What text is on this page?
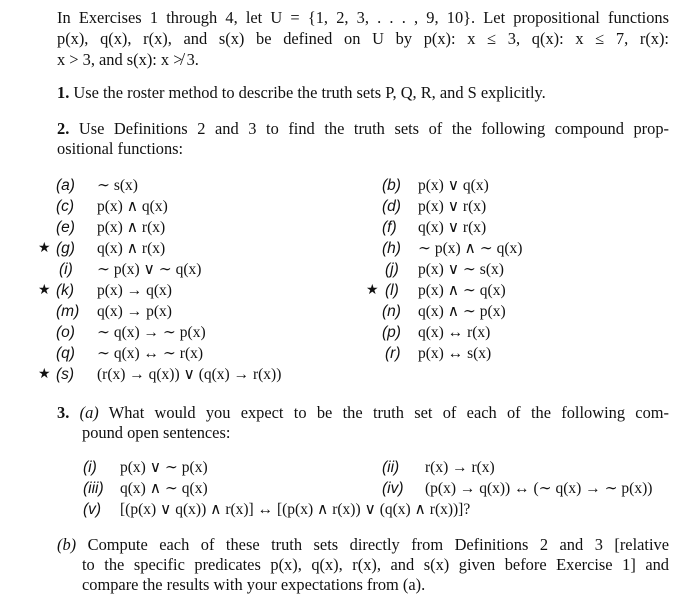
In Exercises 1 through 4, let U = {1, 2, 3, . . . , 9, 10}. Let propositional functions
p(x), q(x), r(x), and s(x) be defined on U by p(x): x ≤ 3, q(x): x ≤ 7, r(x):
x > 3, and s(x): x ≯ 3.
1. Use the roster method to describe the truth sets P, Q, R, and S explicitly.
2. Use Definitions 2 and 3 to find the truth sets of the following compound prop-
ositional functions:
★
★
★
(a) ∼ s(x)
(c) p(x) ∧ q(x)
(e) p(x) ∧ r(x)
(g) q(x) ∧ r(x)
(i) ∼ p(x) ∨ ∼ q(x)
(k) p(x) → q(x)
(m) q(x) → p(x)
(o) ∼ q(x) → ∼ p(x)
(q) ∼ q(x) ↔ ∼ r(x)
(s) (r(x) → q(x)) ∨ (q(x) → r(x))
★
(b) p(x) ∨ q(x)
(d) p(x) ∨ r(x)
(f) q(x) ∨ r(x)
(h) ∼ p(x) ∧ ∼ q(x)
(j) p(x) ∨ ∼ s(x)
(l) p(x) ∧ ∼ q(x)
(n) q(x) ∧ ∼ p(x)
(p) q(x) ↔ r(x)
(r) p(x) ↔ s(x)
3. (a) What would you expect to be the truth set of each of the following com-
pound open sentences:
(i) p(x) ∨ ∼ p(x)	(ii) r(x) → r(x)
(iii) q(x) ∧ ∼ q(x)	(iv) (p(x) → q(x)) ↔ (∼ q(x) → ∼ p(x))
(v) [(p(x) ∨ q(x)) ∧ r(x)] ↔ [(p(x) ∧ r(x)) ∨ (q(x) ∧ r(x))]?
(b) Compute each of these truth sets directly from Definitions 2 and 3 [relative
to the specific predicates p(x), q(x), r(x), and s(x) given before Exercise 1] and
compare the results with your expectations from (a).
